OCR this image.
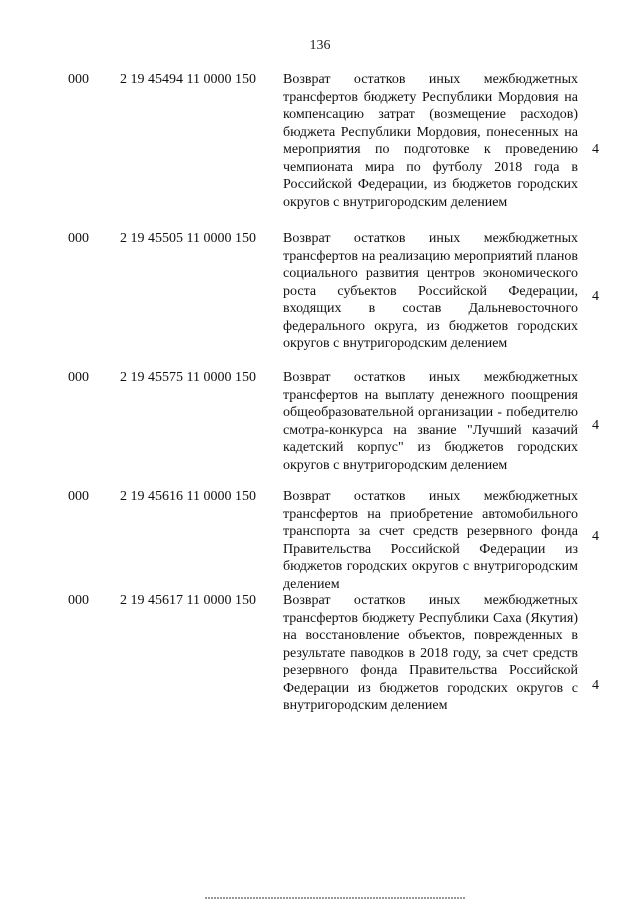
136
000 2 19 45494 11 0000 150 Возврат остатков иных межбюджетных трансфертов бюджету Республики Мордовия на компенсацию затрат (возмещение расходов) бюджета Республики Мордовия, понесенных на мероприятия по подготовке к проведению чемпионата мира по футболу 2018 года в Российской Федерации, из бюджетов городских округов с внутригородским делением
4
000 2 19 45505 11 0000 150 Возврат остатков иных межбюджетных трансфертов на реализацию мероприятий планов социального развития центров экономического роста субъектов Российской Федерации, входящих в состав Дальневосточного федерального округа, из бюджетов городских округов с внутригородским делением
4
000 2 19 45575 11 0000 150 Возврат остатков иных межбюджетных трансфертов на выплату денежного поощрения общеобразовательной организации - победителю смотра-конкурса на звание "Лучший казачий кадетский корпус" из бюджетов городских округов с внутригородским делением
4
000 2 19 45616 11 0000 150 Возврат остатков иных межбюджетных трансфертов на приобретение автомобильного транспорта за счет средств резервного фонда Правительства Российской Федерации из бюджетов городских округов с внутригородским делением
4
000 2 19 45617 11 0000 150 Возврат остатков иных межбюджетных трансфертов бюджету Республики Саха (Якутия) на восстановление объектов, поврежденных в результате паводков в 2018 году, за счет средств резервного фонда Правительства Российской Федерации из бюджетов городских округов с внутригородским делением
4
